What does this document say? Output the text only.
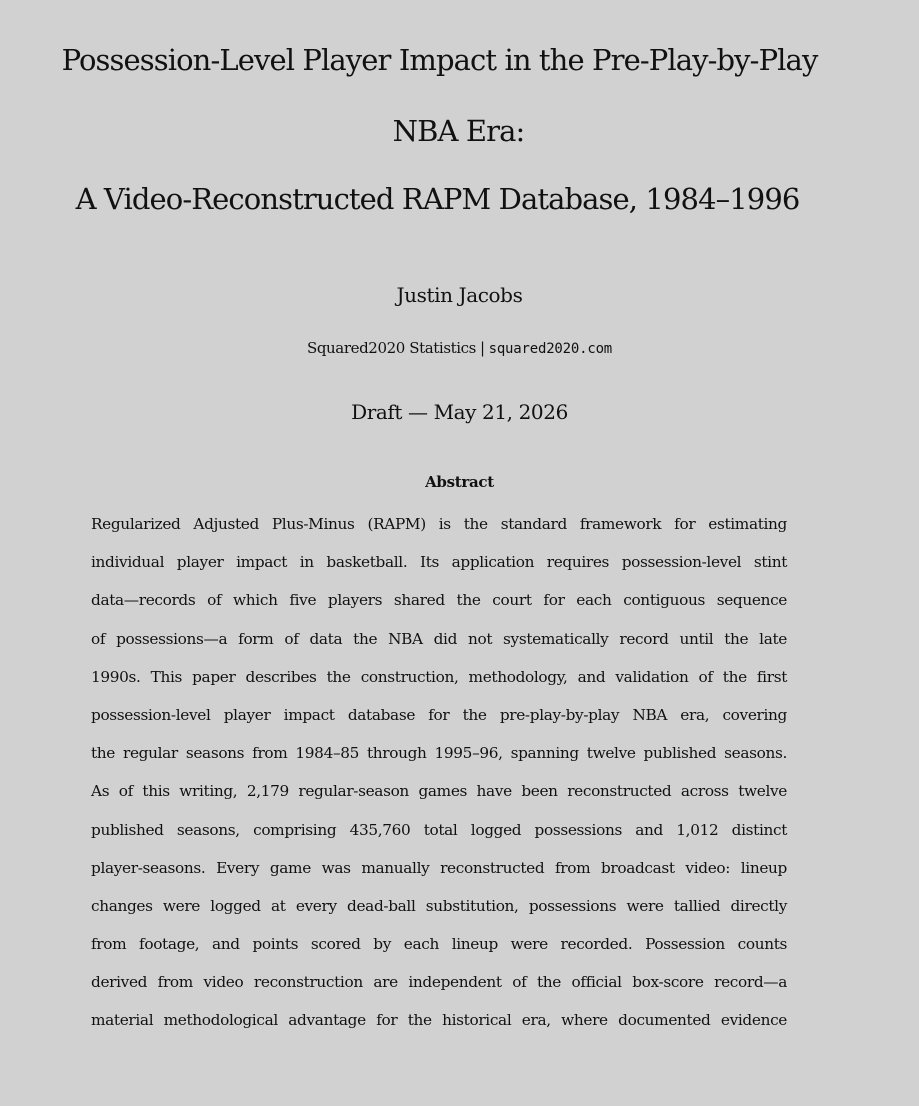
Possession-Level Player Impact in the Pre-Play-by-Play
NBA Era:
A Video-Reconstructed RAPM Database, 1984–1996
Justin Jacobs
Squared2020 Statistics | squared2020.com
Draft — May 21, 2026
Abstract
Regularized Adjusted Plus-Minus (RAPM) is the standard framework for estimating
individual player impact in basketball. Its application requires possession-level stint
data—records of which five players shared the court for each contiguous sequence
of possessions—a form of data the NBA did not systematically record until the late
1990s. This paper describes the construction, methodology, and validation of the first
possession-level player impact database for the pre-play-by-play NBA era, covering
the regular seasons from 1984–85 through 1995–96, spanning twelve published seasons.
As of this writing, 2,179 regular-season games have been reconstructed across twelve
published seasons, comprising 435,760 total logged possessions and 1,012 distinct
player-seasons. Every game was manually reconstructed from broadcast video: lineup
changes were logged at every dead-ball substitution, possessions were tallied directly
from footage, and points scored by each lineup were recorded. Possession counts
derived from video reconstruction are independent of the official box-score record—a
material methodological advantage for the historical era, where documented evidence
